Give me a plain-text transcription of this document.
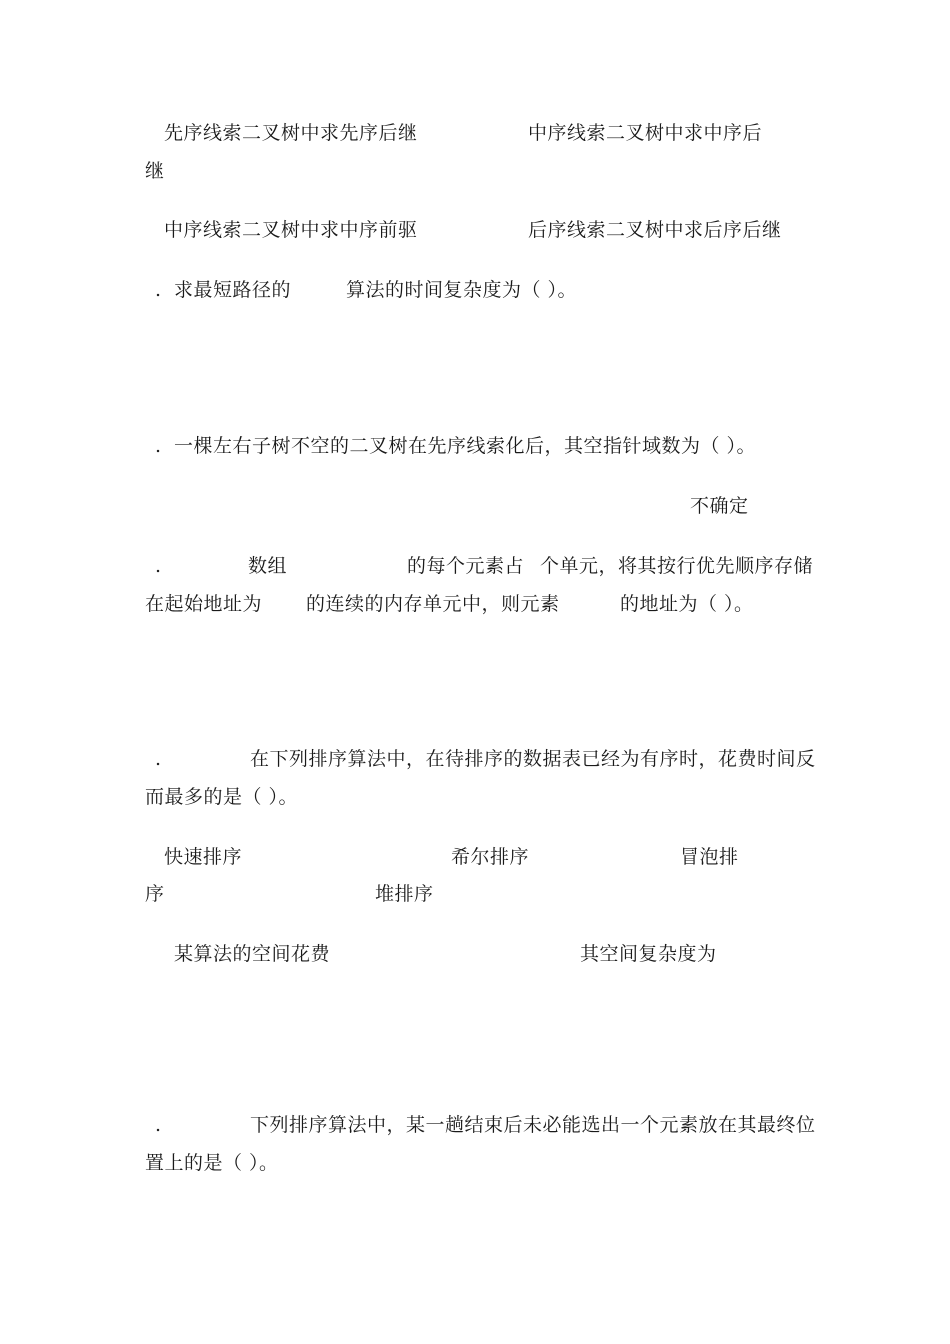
先序线索二叉树中求先序后继	中序线索二叉树中求中序后
继
中序线索二叉树中求中序前驱	后序线索二叉树中求后序后继
. 求最短路径的	算法的时间复杂度为（ ）。
. 一棵左右子树不空的二叉树在先序线索化后，其空指针域数为（ ）。
不确定
.	数组	的每个元素占 个单元，将其按行优先顺序存储
在起始地址为 的连续的内存单元中，则元素	的地址为（ ）。
.	在下列排序算法中，在待排序的数据表已经为有序时，花费时间反
而最多的是（ ）。
快速排序	希尔排序	冒泡排
序	堆排序
某算法的空间花费	其空间复杂度为
.	下列排序算法中，某一趟结束后未必能选出一个元素放在其最终位
置上的是（ ）。
